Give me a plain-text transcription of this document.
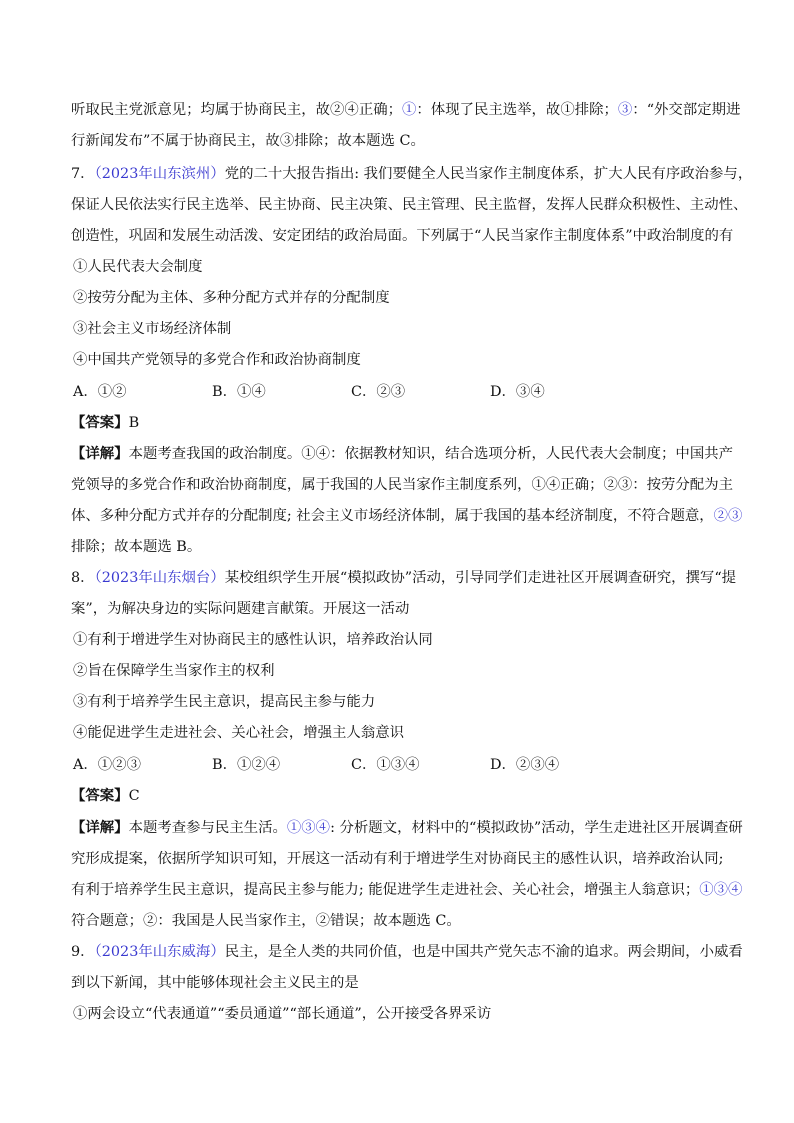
听取民主党派意见；均属于协商民主，故②④正确；①：体现了民主选举，故①排除；③：“外交部定期进
行新闻发布”不属于协商民主，故③排除；故本题选 C。
7．（2023年山东滨州）党的二十大报告指出: 我们要健全人民当家作主制度体系，扩大人民有序政治参与，
保证人民依法实行民主选举、民主协商、民主决策、民主管理、民主监督，发挥人民群众积极性、主动性、
创造性，巩固和发展生动活泼、安定团结的政治局面。下列属于“人民当家作主制度体系”中政治制度的有
①人民代表大会制度
②按劳分配为主体、多种分配方式并存的分配制度
③社会主义市场经济体制
④中国共产党领导的多党合作和政治协商制度
A．①②	B．①④	C．②③	D．③④
【答案】B
【详解】本题考查我国的政治制度。①④：依据教材知识，结合选项分析，人民代表大会制度；中国共产
党领导的多党合作和政治协商制度，属于我国的人民当家作主制度系列，①④正确；②③：按劳分配为主
体、多种分配方式并存的分配制度; 社会主义市场经济体制，属于我国的基本经济制度，不符合题意，②③
排除；故本题选 B。
8．（2023年山东烟台）某校组织学生开展“模拟政协”活动，引导同学们走进社区开展调查研究，撰写“提
案”，为解决身边的实际问题建言献策。开展这一活动
①有利于增进学生对协商民主的感性认识，培养政治认同
②旨在保障学生当家作主的权利
③有利于培养学生民主意识，提高民主参与能力
④能促进学生走进社会、关心社会，增强主人翁意识
A．①②③	B．①②④	C．①③④	D．②③④
【答案】C
【详解】本题考查参与民主生活。①③④: 分析题文，材料中的“模拟政协”活动，学生走进社区开展调查研
究形成提案，依据所学知识可知，开展这一活动有利于增进学生对协商民主的感性认识，培养政治认同;
有利于培养学生民主意识，提高民主参与能力; 能促进学生走进社会、关心社会，增强主人翁意识；①③④
符合题意；②：我国是人民当家作主，②错误；故本题选 C。
9．（2023年山东威海）民主，是全人类的共同价值，也是中国共产党矢志不渝的追求。两会期间，小威看
到以下新闻，其中能够体现社会主义民主的是
①两会设立“代表通道”“委员通道”“部长通道”，公开接受各界采访
